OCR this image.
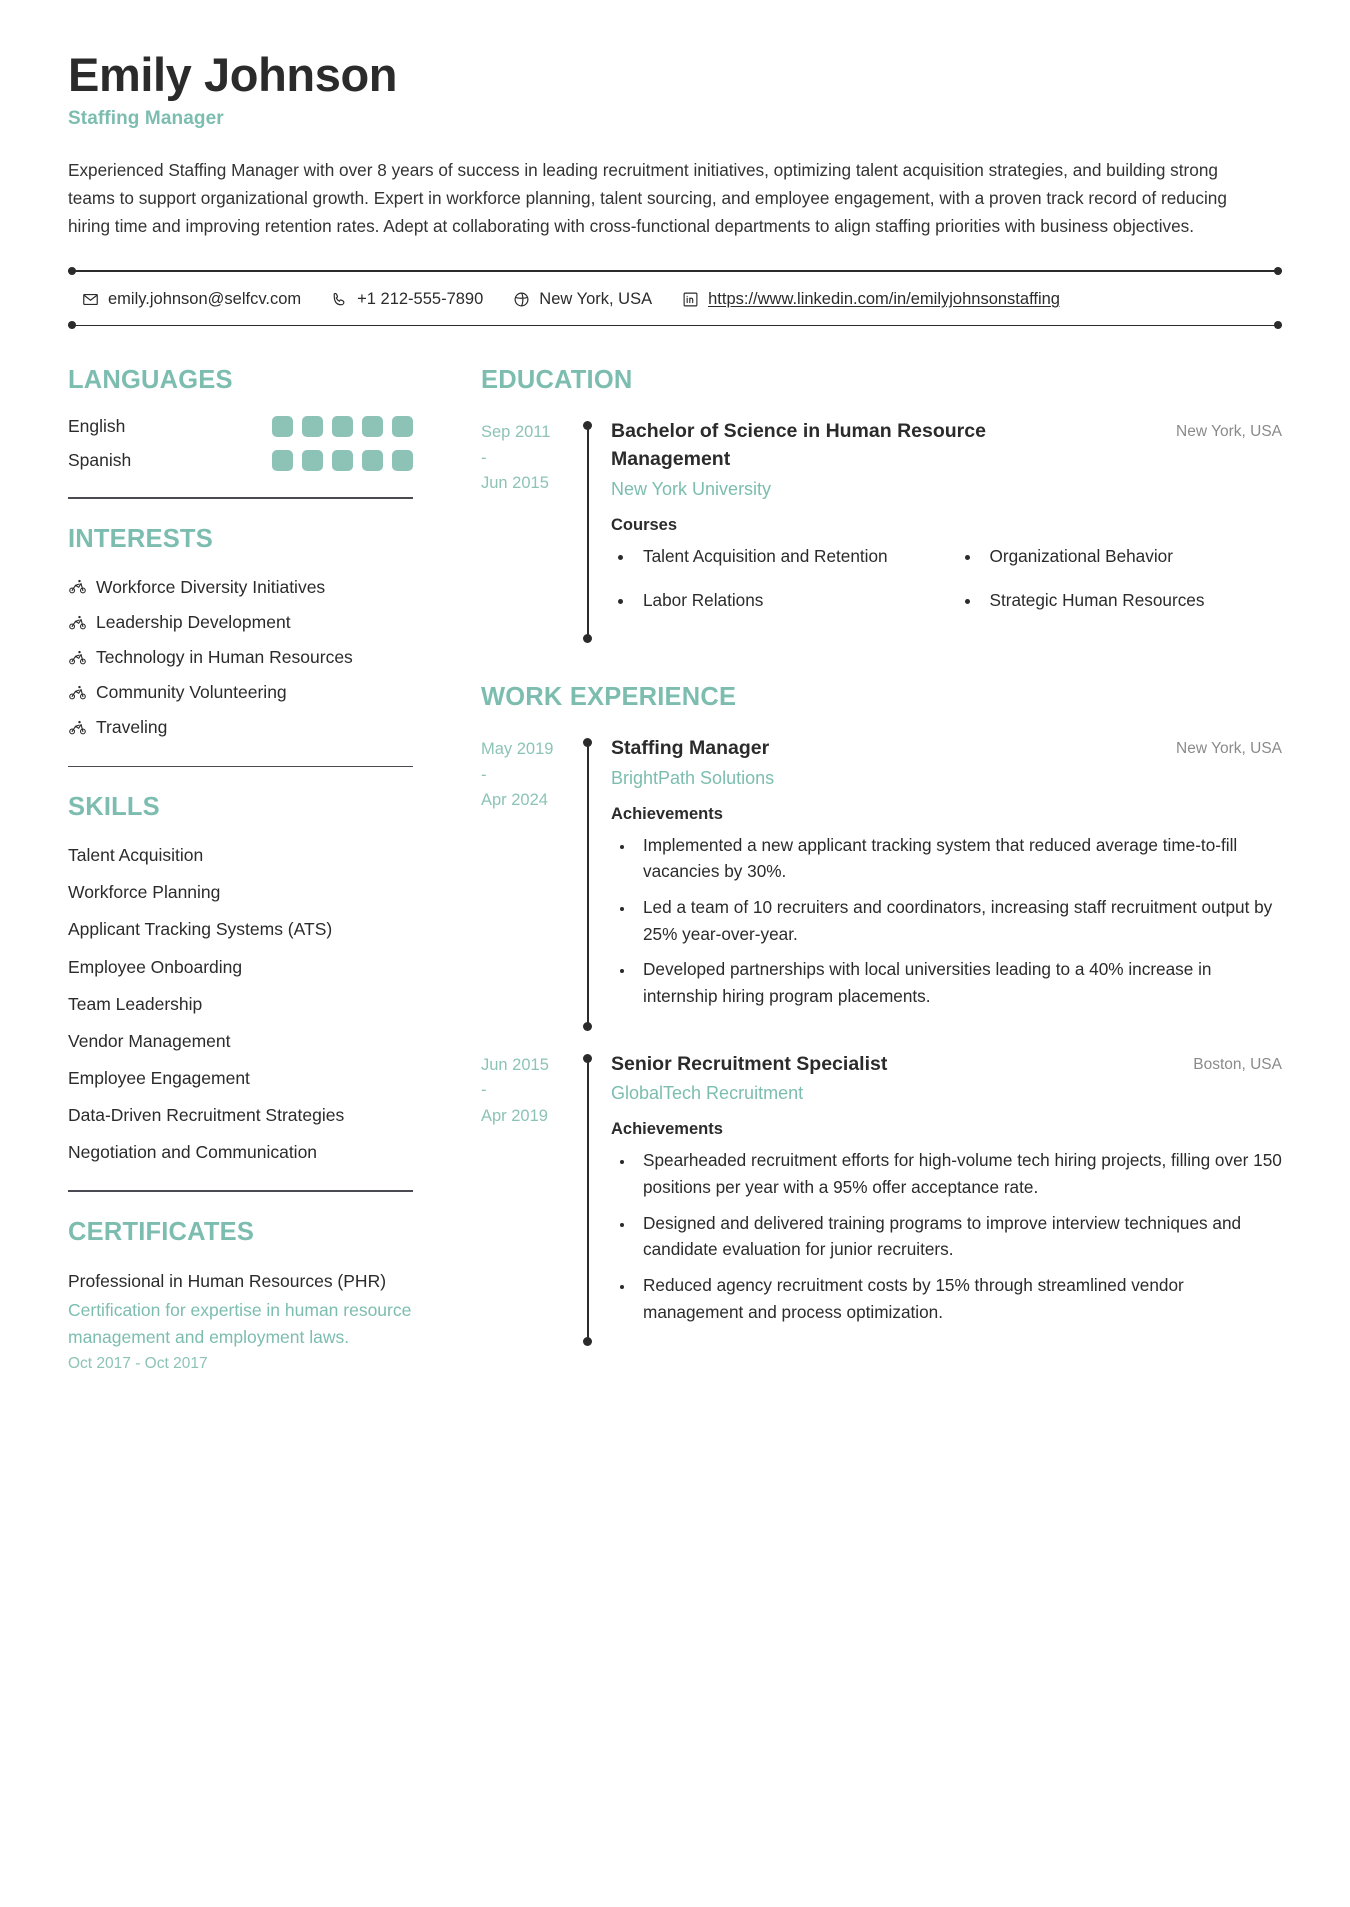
Emily Johnson
Staffing Manager
Experienced Staffing Manager with over 8 years of success in leading recruitment initiatives, optimizing talent acquisition strategies, and building strong teams to support organizational growth. Expert in workforce planning, talent sourcing, and employee engagement, with a proven track record of reducing hiring time and improving retention rates. Adept at collaborating with cross-functional departments to align staffing priorities with business objectives.
emily.johnson@selfcv.com	+1 212-555-7890	New York, USA	https://www.linkedin.com/in/emilyjohnsonstaffing
LANGUAGES
English
Spanish
INTERESTS
Workforce Diversity Initiatives
Leadership Development
Technology in Human Resources
Community Volunteering
Traveling
SKILLS
Talent Acquisition
Workforce Planning
Applicant Tracking Systems (ATS)
Employee Onboarding
Team Leadership
Vendor Management
Employee Engagement
Data-Driven Recruitment Strategies
Negotiation and Communication
CERTIFICATES
Professional in Human Resources (PHR)
Certification for expertise in human resource management and employment laws.
Oct 2017 - Oct 2017
EDUCATION
Sep 2011
-
Jun 2015
Bachelor of Science in Human Resource Management
New York, USA
New York University
Courses
• Talent Acquisition and Retention	• Organizational Behavior
• Labor Relations	• Strategic Human Resources
WORK EXPERIENCE
May 2019
-
Apr 2024
Staffing Manager	New York, USA
BrightPath Solutions
Achievements
• Implemented a new applicant tracking system that reduced average time-to-fill vacancies by 30%.
• Led a team of 10 recruiters and coordinators, increasing staff recruitment output by 25% year-over-year.
• Developed partnerships with local universities leading to a 40% increase in internship hiring program placements.
Jun 2015
-
Apr 2019
Senior Recruitment Specialist	Boston, USA
GlobalTech Recruitment
Achievements
• Spearheaded recruitment efforts for high-volume tech hiring projects, filling over 150 positions per year with a 95% offer acceptance rate.
• Designed and delivered training programs to improve interview techniques and candidate evaluation for junior recruiters.
• Reduced agency recruitment costs by 15% through streamlined vendor management and process optimization.
